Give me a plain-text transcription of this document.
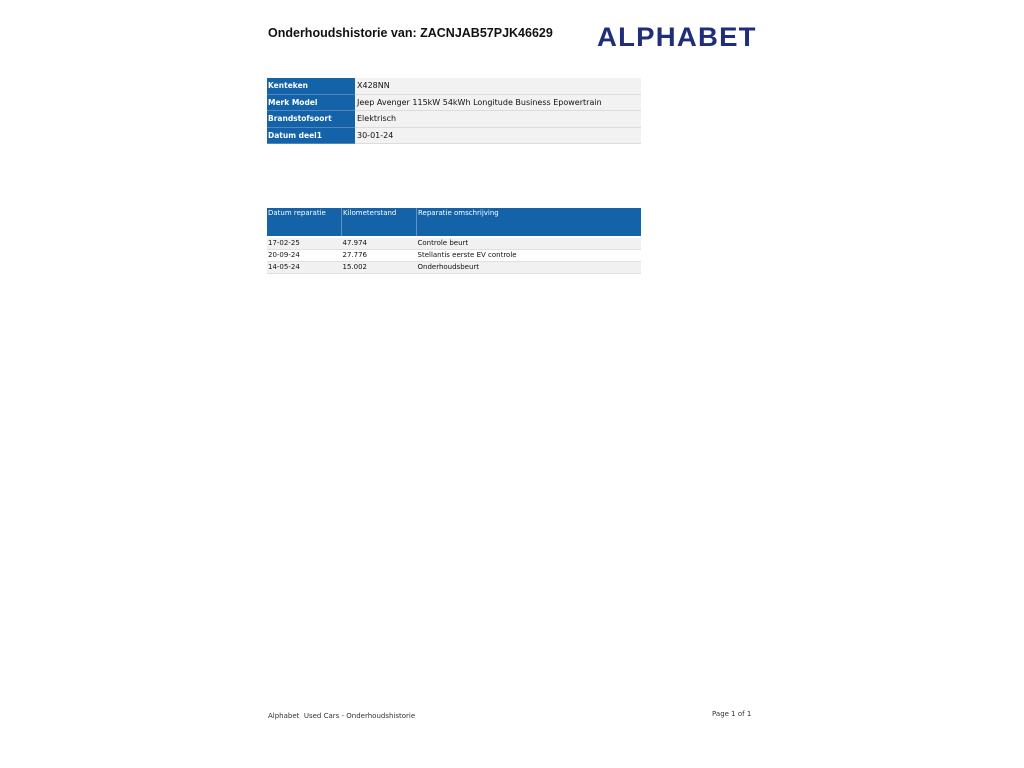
Onderhoudshistorie van: ZACNJAB57PJK46629 ALPHABET
Kenteken	X428NN
Merk Model	Jeep Avenger 115kW 54kWh Longitude Business Epowertrain
Brandstofsoort	Elektrisch
Datum deel1	30-01-24
Datum reparatie	Kilometerstand	Reparatie omschrijving

17-02-25	47.974	Controle beurt
20-09-24	27.776	Stellantis eerste EV controle
14-05-24	15.002	Onderhoudsbeurt
Alphabet  Used Cars - Onderhoudshistorie	Page 1 of 1
